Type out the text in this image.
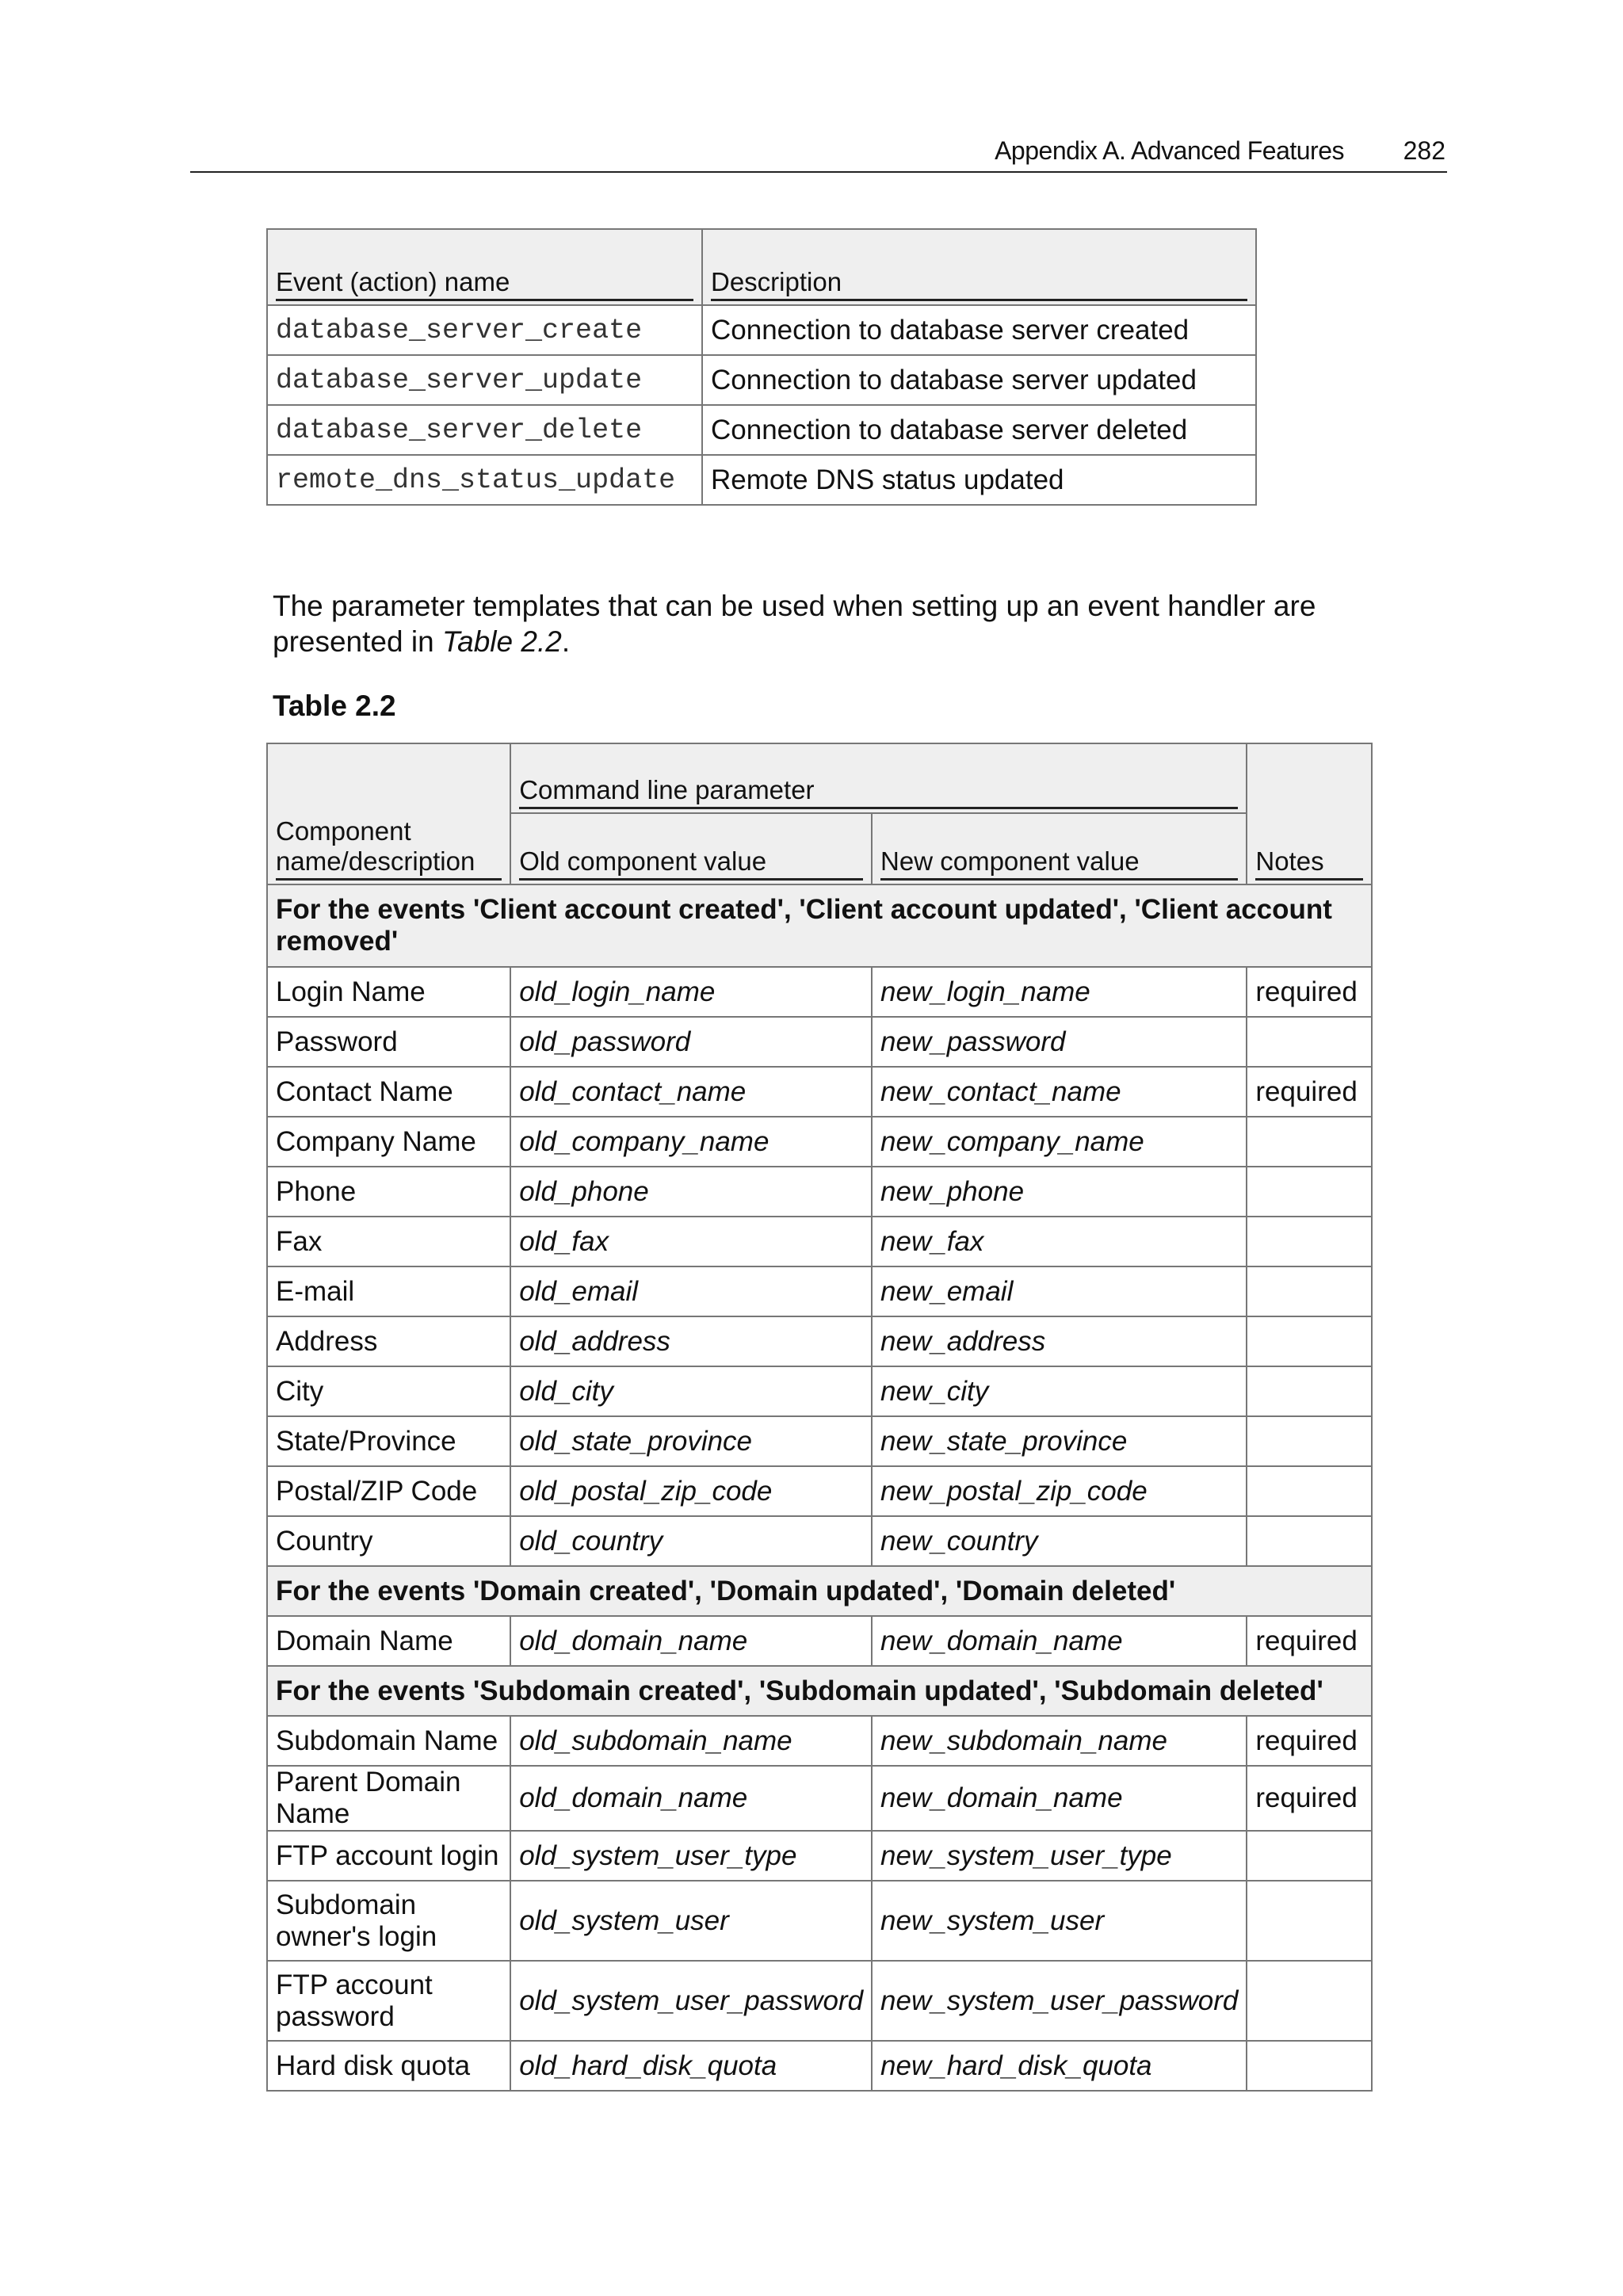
Appendix A. Advanced Features 282
Event (action) name	Description
database_server_create	Connection to database server created
database_server_update	Connection to database server updated
database_server_delete	Connection to database server deleted
remote_dns_status_update	Remote DNS status updated
The parameter templates that can be used when setting up an event handler are presented in Table 2.2.
Table 2.2
Component name/description	Command line parameter		Notes
	Old component value	New component value	
For the events 'Client account created', 'Client account updated', 'Client account removed'			
Login Name	old_login_name	new_login_name	required
Password	old_password	new_password	
Contact Name	old_contact_name	new_contact_name	required
Company Name	old_company_name	new_company_name	
Phone	old_phone	new_phone	
Fax	old_fax	new_fax	
E-mail	old_email	new_email	
Address	old_address	new_address	
City	old_city	new_city	
State/Province	old_state_province	new_state_province	
Postal/ZIP Code	old_postal_zip_code	new_postal_zip_code	
Country	old_country	new_country	
For the events 'Domain created', 'Domain updated', 'Domain deleted'			
Domain Name	old_domain_name	new_domain_name	required
For the events 'Subdomain created', 'Subdomain updated', 'Subdomain deleted'			
Subdomain Name	old_subdomain_name	new_subdomain_name	required
Parent Domain Name	old_domain_name	new_domain_name	required
FTP account login	old_system_user_type	new_system_user_type	
Subdomain owner's login	old_system_user	new_system_user	
FTP account password	old_system_user_password	new_system_user_password	
Hard disk quota	old_hard_disk_quota	new_hard_disk_quota	
